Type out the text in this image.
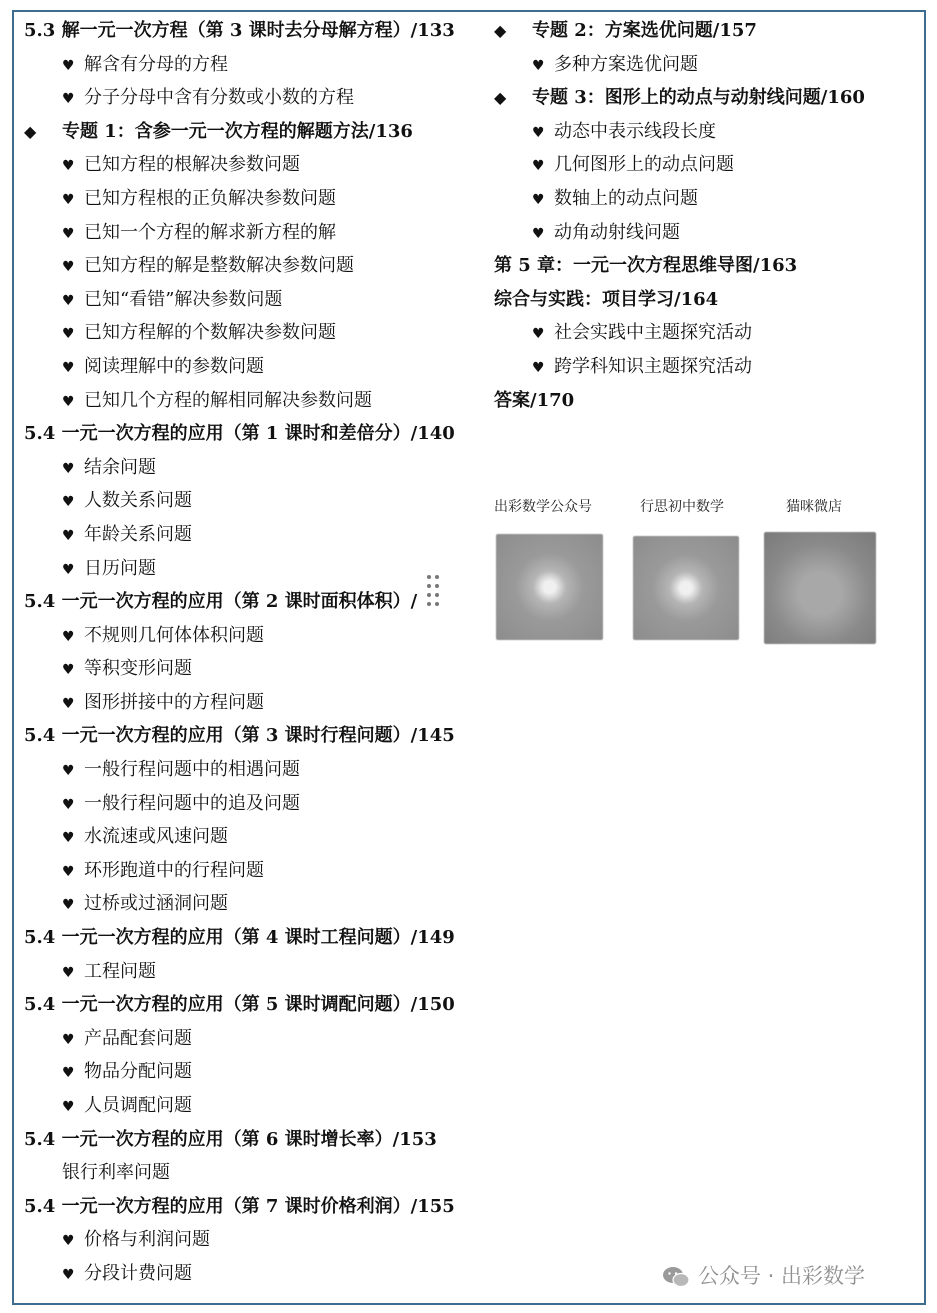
5.3 解一元一次方程（第 3 课时去分母解方程）/133
♥ 解含有分母的方程
♥ 分子分母中含有分数或小数的方程
◆ 专题 1：含参一元一次方程的解题方法/136
♥ 已知方程的根解决参数问题
♥ 已知方程根的正负解决参数问题
♥ 已知一个方程的解求新方程的解
♥ 已知方程的解是整数解决参数问题
♥ 已知“看错”解决参数问题
♥ 已知方程解的个数解决参数问题
♥ 阅读理解中的参数问题
♥ 已知几个方程的解相同解决参数问题
5.4 一元一次方程的应用（第 1 课时和差倍分）/140
♥ 结余问题
♥ 人数关系问题
♥ 年龄关系问题
♥ 日历问题
5.4 一元一次方程的应用（第 2 课时面积体积）/
♥ 不规则几何体体积问题
♥ 等积变形问题
♥ 图形拼接中的方程问题
5.4 一元一次方程的应用（第 3 课时行程问题）/145
♥ 一般行程问题中的相遇问题
♥ 一般行程问题中的追及问题
♥ 水流速或风速问题
♥ 环形跑道中的行程问题
♥ 过桥或过涵洞问题
5.4 一元一次方程的应用（第 4 课时工程问题）/149
♥ 工程问题
5.4 一元一次方程的应用（第 5 课时调配问题）/150
♥ 产品配套问题
♥ 物品分配问题
♥ 人员调配问题
5.4 一元一次方程的应用（第 6 课时增长率）/153
银行利率问题
5.4 一元一次方程的应用（第 7 课时价格利润）/155
♥ 价格与利润问题
♥ 分段计费问题
◆ 专题 2：方案选优问题/157
♥ 多种方案选优问题
◆ 专题 3：图形上的动点与动射线问题/160
♥ 动态中表示线段长度
♥ 几何图形上的动点问题
♥ 数轴上的动点问题
♥ 动角动射线问题
第 5 章：一元一次方程思维导图/163
综合与实践：项目学习/164
♥ 社会实践中主题探究活动
♥ 跨学科知识主题探究活动
答案/170
出彩数学公众号	行思初中数学	猫咪微店
公众号 · 出彩数学
